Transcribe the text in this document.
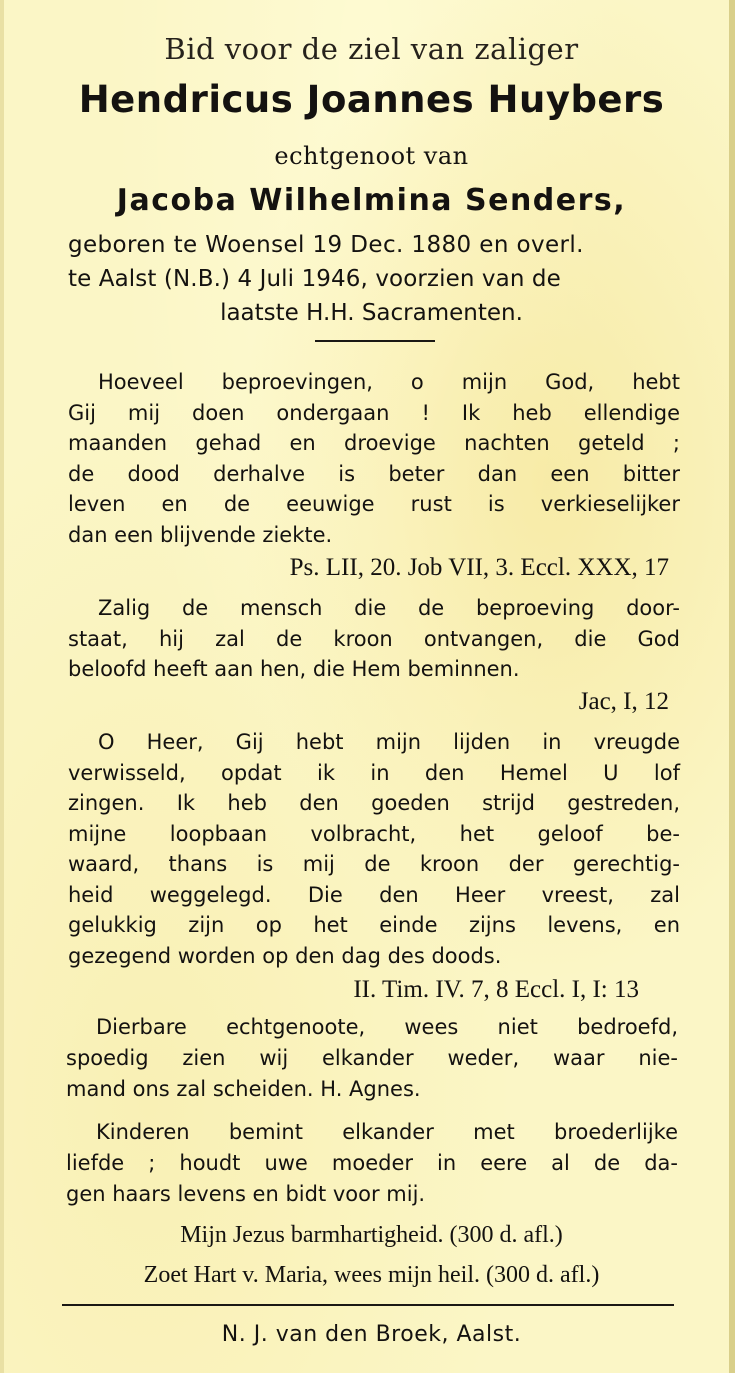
Bid voor de ziel van zaliger
Hendricus Joannes Huybers
echtgenoot van
Jacoba Wilhelmina Senders,
geboren te Woensel 19 Dec. 1880 en overl.
te Aalst (N.B.) 4 Juli 1946, voorzien van de
laatste H.H. Sacramenten.
Hoeveel beproevingen, o mijn God, hebt
Gij mij doen ondergaan ! Ik heb ellendige
maanden gehad en droevige nachten geteld ;
de dood derhalve is beter dan een bitter
leven en de eeuwige rust is verkieselijker
dan een blijvende ziekte.
Ps. LII, 20. Job VII, 3. Eccl. XXX, 17
Zalig de mensch die de beproeving door-
staat, hij zal de kroon ontvangen, die God
beloofd heeft aan hen, die Hem beminnen.
Jac, I, 12
O Heer, Gij hebt mijn lijden in vreugde
verwisseld, opdat ik in den Hemel U lof
zingen. Ik heb den goeden strijd gestreden,
mijne loopbaan volbracht, het geloof be-
waard, thans is mij de kroon der gerechtig-
heid weggelegd. Die den Heer vreest, zal
gelukkig zijn op het einde zijns levens, en
gezegend worden op den dag des doods.
II. Tim. IV. 7, 8 Eccl. I, I: 13
Dierbare echtgenoote, wees niet bedroefd,
spoedig zien wij elkander weder, waar nie-
mand ons zal scheiden. H. Agnes.
Kinderen bemint elkander met broederlijke
liefde ; houdt uwe moeder in eere al de da-
gen haars levens en bidt voor mij.
Mijn Jezus barmhartigheid. (300 d. afl.)
Zoet Hart v. Maria, wees mijn heil. (300 d. afl.)
N. J. van den Broek, Aalst.
